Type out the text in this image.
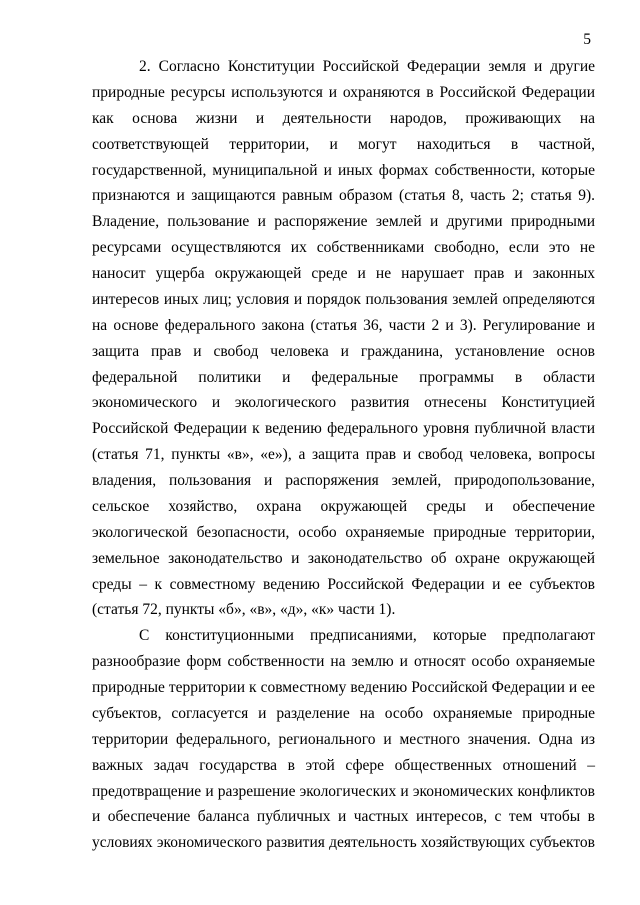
5
2. Согласно Конституции Российской Федерации земля и другие
природные ресурсы используются и охраняются в Российской Федерации
как основа жизни и деятельности народов, проживающих на
соответствующей территории, и могут находиться в частной,
государственной, муниципальной и иных формах собственности, которые
признаются и защищаются равным образом (статья 8, часть 2; статья 9).
Владение, пользование и распоряжение землей и другими природными
ресурсами осуществляются их собственниками свободно, если это не
наносит ущерба окружающей среде и не нарушает прав и законных
интересов иных лиц; условия и порядок пользования землей определяются
на основе федерального закона (статья 36, части 2 и 3). Регулирование и
защита прав и свобод человека и гражданина, установление основ
федеральной политики и федеральные программы в области
экономического и экологического развития отнесены Конституцией
Российской Федерации к ведению федерального уровня публичной власти
(статья 71, пункты «в», «е»), а защита прав и свобод человека, вопросы
владения, пользования и распоряжения землей, природопользование,
сельское хозяйство, охрана окружающей среды и обеспечение
экологической безопасности, особо охраняемые природные территории,
земельное законодательство и законодательство об охране окружающей
среды – к совместному ведению Российской Федерации и ее субъектов
(статья 72, пункты «б», «в», «д», «к» части 1).
С конституционными предписаниями, которые предполагают
разнообразие форм собственности на землю и относят особо охраняемые
природные территории к совместному ведению Российской Федерации и ее
субъектов, согласуется и разделение на особо охраняемые природные
территории федерального, регионального и местного значения. Одна из
важных задач государства в этой сфере общественных отношений –
предотвращение и разрешение экологических и экономических конфликтов
и обеспечение баланса публичных и частных интересов, с тем чтобы в
условиях экономического развития деятельность хозяйствующих субъектов
